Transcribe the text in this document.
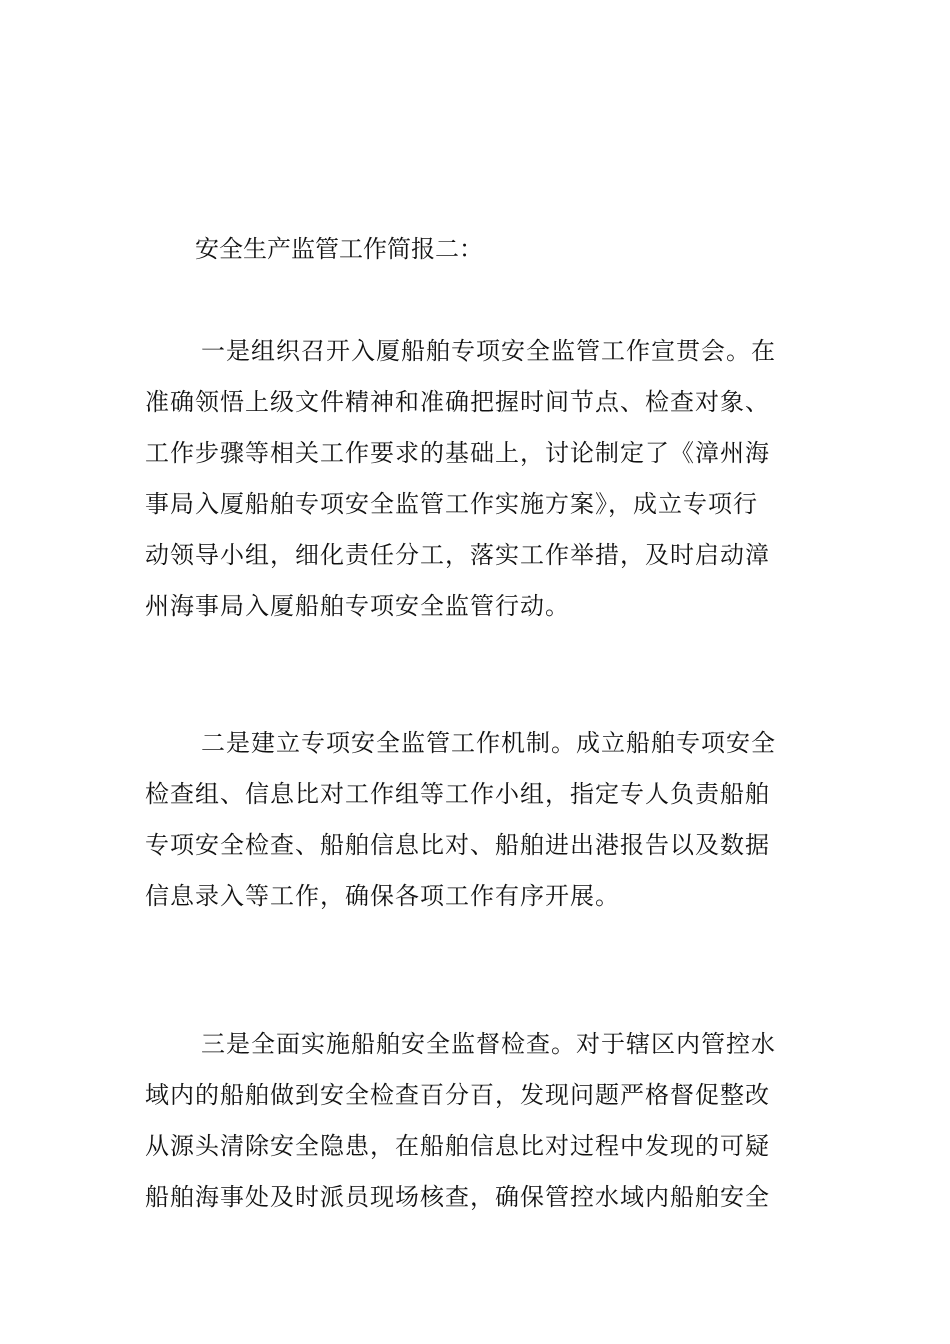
安全生产监管工作简报二：
一是组织召开入厦船舶专项安全监管工作宣贯会。在
准确领悟上级文件精神和准确把握时间节点、检查对象、
工作步骤等相关工作要求的基础上，讨论制定了《漳州海
事局入厦船舶专项安全监管工作实施方案》，成立专项行
动领导小组，细化责任分工，落实工作举措，及时启动漳
州海事局入厦船舶专项安全监管行动。
二是建立专项安全监管工作机制。成立船舶专项安全
检查组、信息比对工作组等工作小组，指定专人负责船舶
专项安全检查、船舶信息比对、船舶进出港报告以及数据
信息录入等工作，确保各项工作有序开展。
三是全面实施船舶安全监督检查。对于辖区内管控水
域内的船舶做到安全检查百分百，发现问题严格督促整改
从源头清除安全隐患，在船舶信息比对过程中发现的可疑
船舶海事处及时派员现场核查，确保管控水域内船舶安全
